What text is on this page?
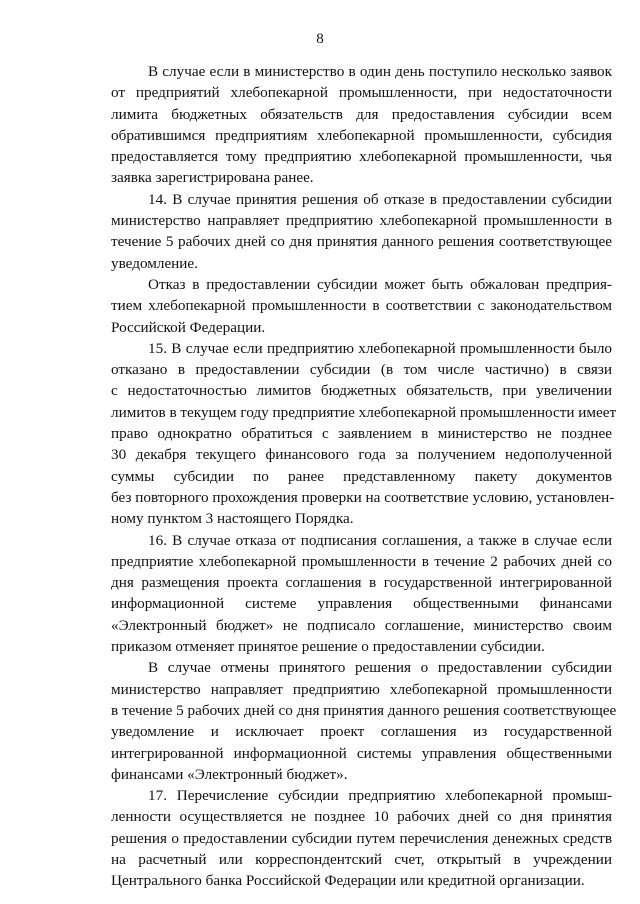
8
В случае если в министерство в один день поступило несколько заявок
от предприятий хлебопекарной промышленности, при недостаточности
лимита бюджетных обязательств для предоставления субсидии всем
обратившимся предприятиям хлебопекарной промышленности, субсидия
предоставляется тому предприятию хлебопекарной промышленности, чья
заявка зарегистрирована ранее.
14. В случае принятия решения об отказе в предоставлении субсидии
министерство направляет предприятию хлебопекарной промышленности в
течение 5 рабочих дней со дня принятия данного решения соответствующее
уведомление.
Отказ в предоставлении субсидии может быть обжалован предприя-
тием хлебопекарной промышленности в соответствии с законодательством
Российской Федерации.
15. В случае если предприятию хлебопекарной промышленности было
отказано в предоставлении субсидии (в том числе частично) в связи
с недостаточностью лимитов бюджетных обязательств, при увеличении
лимитов в текущем году предприятие хлебопекарной промышленности имеет
право однократно обратиться с заявлением в министерство не позднее
30 декабря текущего финансового года за получением недополученной
суммы субсидии по ранее представленному пакету документов
без повторного прохождения проверки на соответствие условию, установлен-
ному пунктом 3 настоящего Порядка.
16. В случае отказа от подписания соглашения, а также в случае если
предприятие хлебопекарной промышленности в течение 2 рабочих дней со
дня размещения проекта соглашения в государственной интегрированной
информационной системе управления общественными финансами
«Электронный бюджет» не подписало соглашение, министерство своим
приказом отменяет принятое решение о предоставлении субсидии.
В случае отмены принятого решения о предоставлении субсидии
министерство направляет предприятию хлебопекарной промышленности
в течение 5 рабочих дней со дня принятия данного решения соответствующее
уведомление и исключает проект соглашения из государственной
интегрированной информационной системы управления общественными
финансами «Электронный бюджет».
17. Перечисление субсидии предприятию хлебопекарной промыш-
ленности осуществляется не позднее 10 рабочих дней со дня принятия
решения о предоставлении субсидии путем перечисления денежных средств
на расчетный или корреспондентский счет, открытый в учреждении
Центрального банка Российской Федерации или кредитной организации.
